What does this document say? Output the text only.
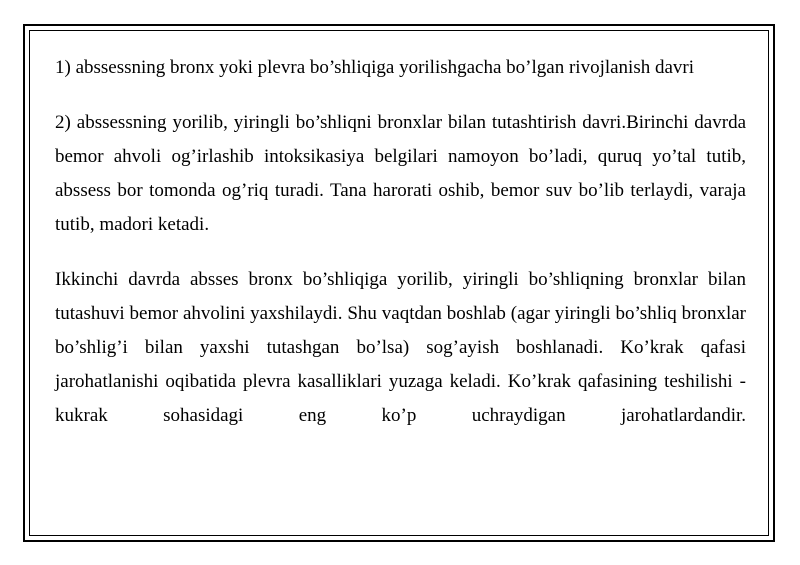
1) abssessning bronx yoki plevra bo’shliqiga yorilishgacha bo’lgan rivojlanish davri

2) abssessning yorilib, yiringli bo’shliqni bronxlar bilan tutashtirish davri.Birinchi davrda bemor ahvoli og’irlashib intoksikasiya belgilari namoyon bo’ladi, quruq yo’tal tutib, abssess bor tomonda og’riq turadi. Tana harorati oshib, bemor suv bo’lib terlaydi, varaja tutib, madori ketadi.

Ikkinchi davrda absses bronx bo’shliqiga yorilib, yiringli bo’shliqning bronxlar bilan tutashuvi bemor ahvolini yaxshilaydi. Shu vaqtdan boshlab (agar yiringli bo’shliq bronxlar bo’shlig’i bilan yaxshi tutashgan bo’lsa) sog’ayish boshlanadi. Ko’krak qafasi jarohatlanishi oqibatida plevra kasalliklari yuzaga keladi. Ko’krak qafasining teshilishi - kukrak sohasidagi eng ko’p uchraydigan jarohatlardandir.
